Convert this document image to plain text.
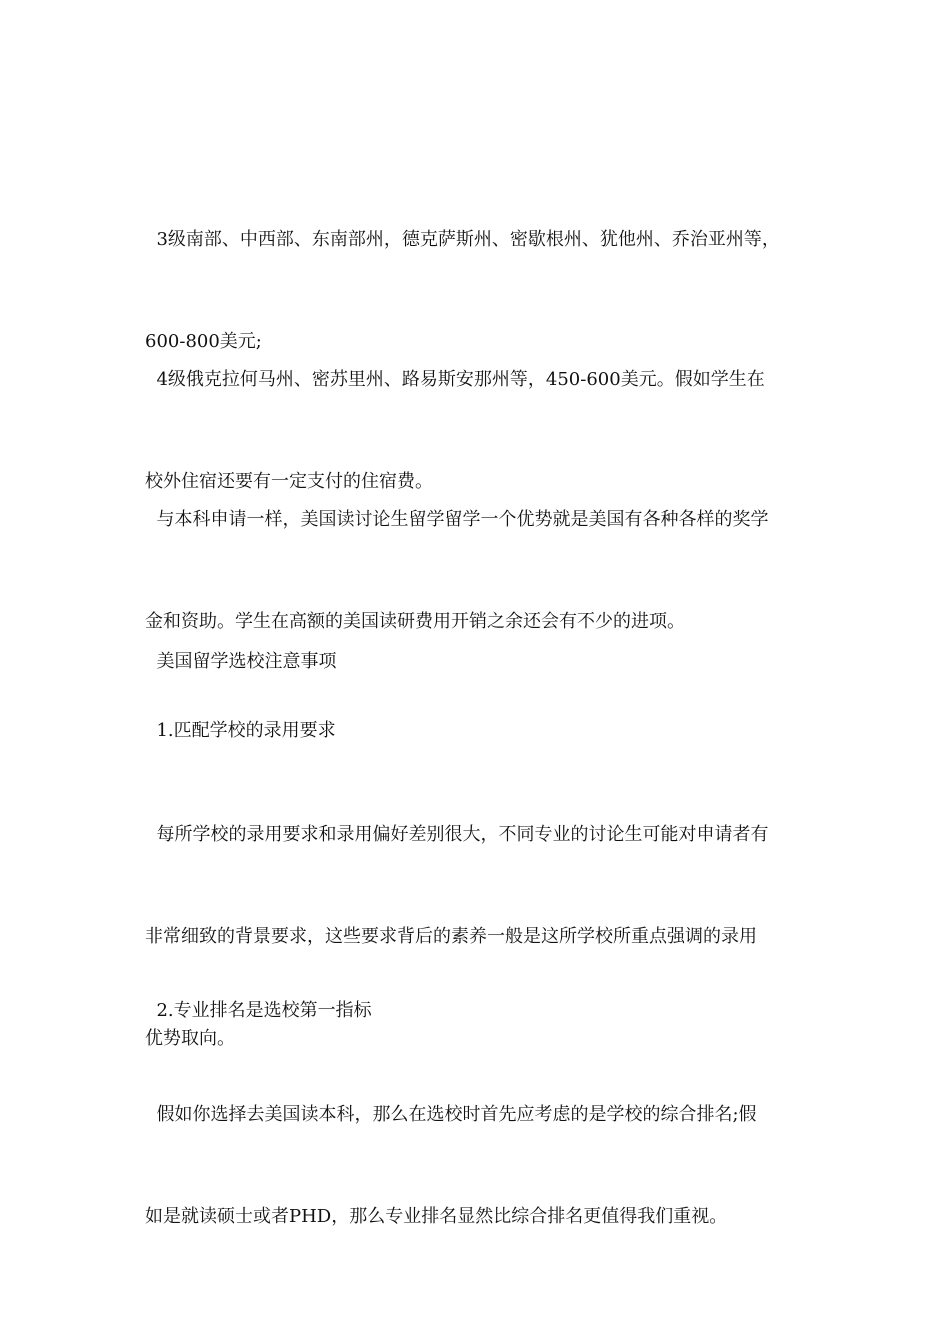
3级南部、中西部、东南部州，德克萨斯州、密歇根州、犹他州、乔治亚州等，

600-800美元;

4级俄克拉何马州、密苏里州、路易斯安那州等，450-600美元。假如学生在

校外住宿还要有一定支付的住宿费。

与本科申请一样，美国读讨论生留学留学一个优势就是美国有各种各样的奖学

金和资助。学生在高额的美国读研费用开销之余还会有不少的进项。

美国留学选校注意事项

1.匹配学校的录用要求

每所学校的录用要求和录用偏好差别很大，不同专业的讨论生可能对申请者有

非常细致的背景要求，这些要求背后的素养一般是这所学校所重点强调的录用

优势取向。

2.专业排名是选校第一指标

假如你选择去美国读本科，那么在选校时首先应考虑的是学校的综合排名;假

如是就读硕士或者PHD，那么专业排名显然比综合排名更值得我们重视。
